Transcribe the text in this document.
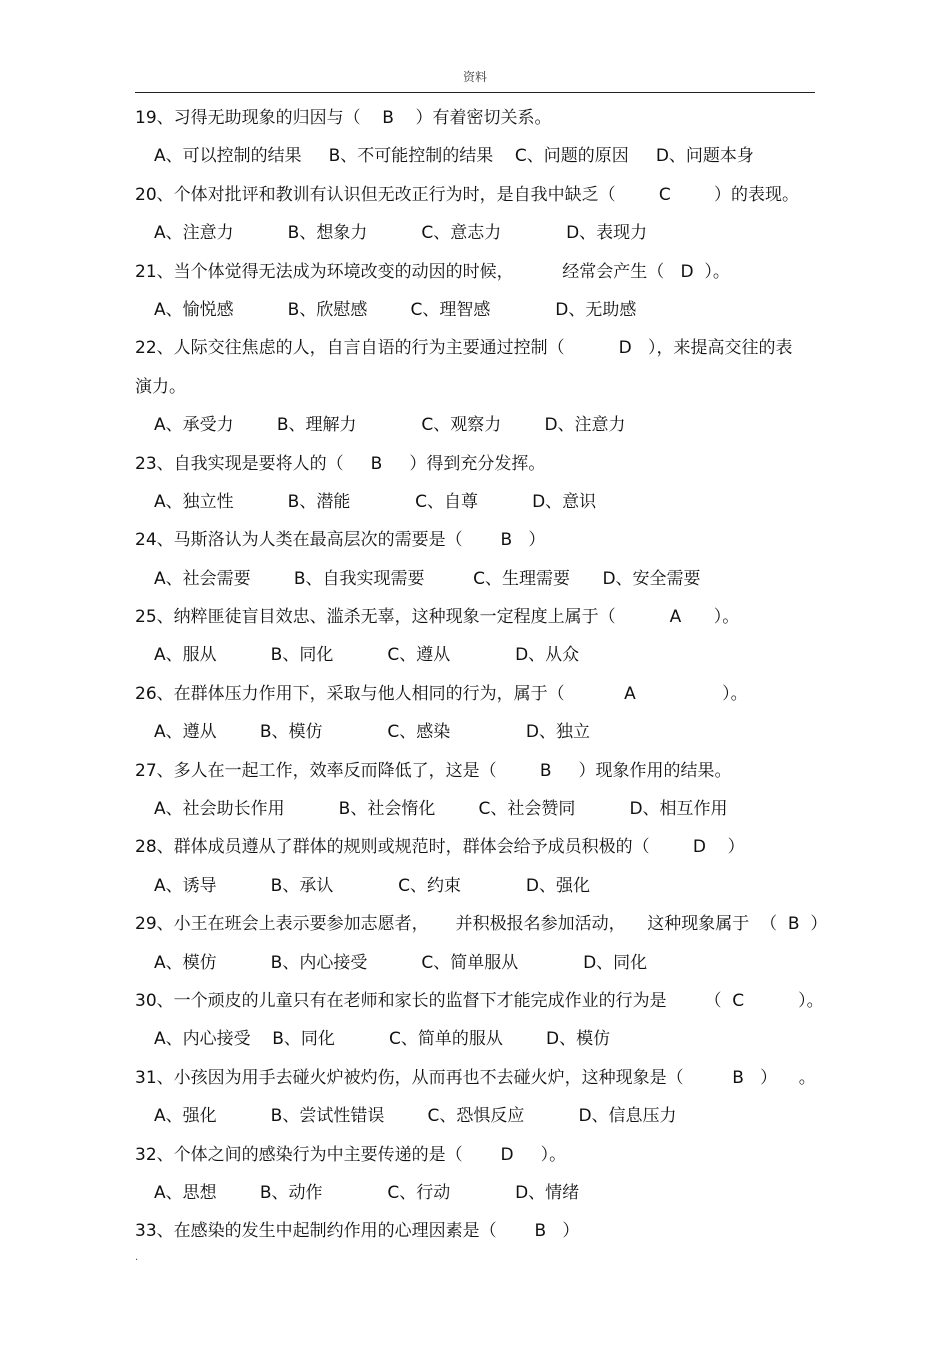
资料
19、习得无助现象的归因与（    B    ）有着密切关系。
A、可以控制的结果     B、不可能控制的结果    C、问题的原因     D、问题本身
20、个体对批评和教训有认识但无改正行为时，是自我中缺乏（        C        ）的表现。
A、注意力          B、想象力          C、意志力            D、表现力
21、当个体觉得无法成为环境改变的动因的时候，         经常会产生（   D  ）。
A、愉悦感          B、欣慰感        C、理智感            D、无助感
22、人际交往焦虑的人，自言自语的行为主要通过控制（          D   ），来提高交往的表
演力。
A、承受力        B、理解力            C、观察力        D、注意力
23、自我实现是要将人的（     B     ）得到充分发挥。
A、独立性          B、潜能            C、自尊          D、意识
24、马斯洛认为人类在最高层次的需要是（       B   ）
A、社会需要        B、自我实现需要         C、生理需要      D、安全需要
25、纳粹匪徒盲目效忠、滥杀无辜，这种现象一定程度上属于（          A      ）。
A、服从          B、同化          C、遵从            D、从众
26、在群体压力作用下，采取与他人相同的行为，属于（           A                ）。
A、遵从        B、模仿            C、感染              D、独立
27、多人在一起工作，效率反而降低了，这是（        B     ）现象作用的结果。
A、社会助长作用          B、社会惰化        C、社会赞同          D、相互作用
28、群体成员遵从了群体的规则或规范时，群体会给予成员积极的（        D    ）
A、诱导          B、承认            C、约束            D、强化
29、小王在班会上表示要参加志愿者，     并积极报名参加活动，    这种现象属于  （  B  ）
A、模仿          B、内心接受          C、简单服从            D、同化
30、一个顽皮的儿童只有在老师和家长的监督下才能完成作业的行为是       （  C          ）。
A、内心接受    B、同化          C、简单的服从        D、模仿
31、小孩因为用手去碰火炉被灼伤，从而再也不去碰火炉，这种现象是（         B   ）    。
A、强化          B、尝试性错误        C、恐惧反应          D、信息压力
32、个体之间的感染行为中主要传递的是（       D     ）。
A、思想        B、动作            C、行动            D、情绪
33、在感染的发生中起制约作用的心理因素是（       B   ）
.
